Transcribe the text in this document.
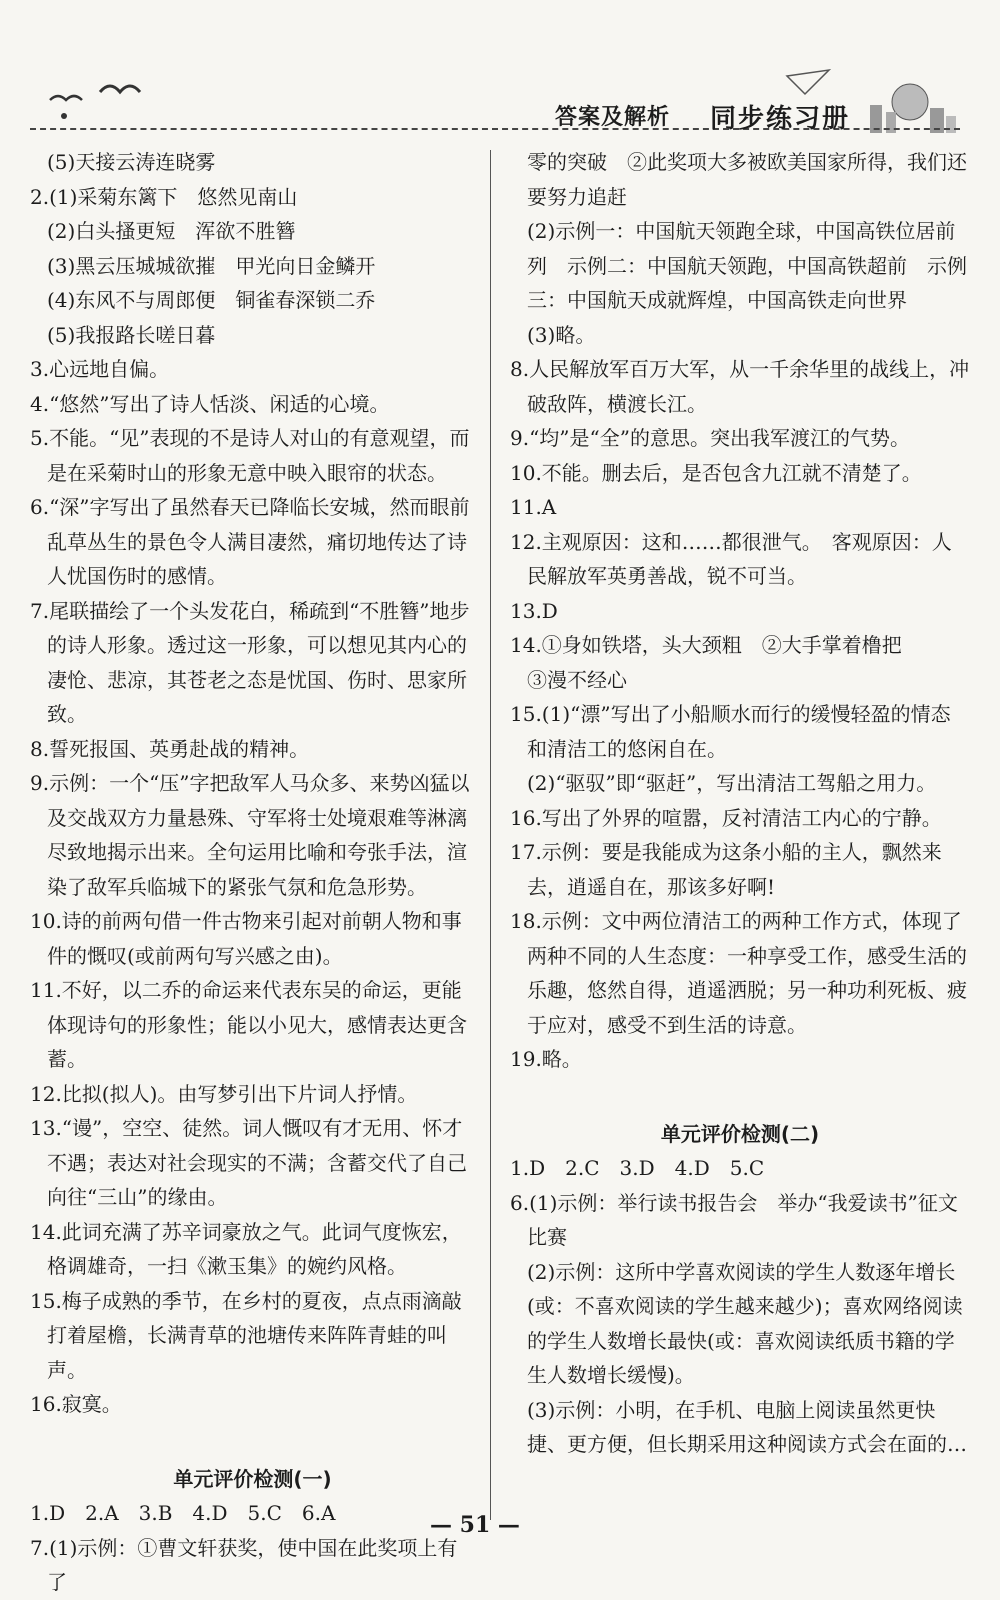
答案及解析 同步练习册
(5)天接云涛连晓雾
2.(1)采菊东篱下　悠然见南山
(2)白头搔更短　浑欲不胜簪
(3)黑云压城城欲摧　甲光向日金鳞开
(4)东风不与周郎便　铜雀春深锁二乔
(5)我报路长嗟日暮
3.心远地自偏。
4.“悠然”写出了诗人恬淡、闲适的心境。
5.不能。“见”表现的不是诗人对山的有意观望，而是在采菊时山的形象无意中映入眼帘的状态。
6.“深”字写出了虽然春天已降临长安城，然而眼前乱草丛生的景色令人满目凄然，痛切地传达了诗人忧国伤时的感情。
7.尾联描绘了一个头发花白，稀疏到“不胜簪”地步的诗人形象。透过这一形象，可以想见其内心的凄怆、悲凉，其苍老之态是忧国、伤时、思家所致。
8.誓死报国、英勇赴战的精神。
9.示例：一个“压”字把敌军人马众多、来势凶猛以及交战双方力量悬殊、守军将士处境艰难等淋漓尽致地揭示出来。全句运用比喻和夸张手法，渲染了敌军兵临城下的紧张气氛和危急形势。
10.诗的前两句借一件古物来引起对前朝人物和事件的慨叹(或前两句写兴感之由)。
11.不好，以二乔的命运来代表东吴的命运，更能体现诗句的形象性；能以小见大，感情表达更含蓄。
12.比拟(拟人)。由写梦引出下片词人抒情。
13.“谩”，空空、徒然。词人慨叹有才无用、怀才不遇；表达对社会现实的不满；含蓄交代了自己向往“三山”的缘由。
14.此词充满了苏辛词豪放之气。此词气度恢宏，格调雄奇，一扫《漱玉集》的婉约风格。
15.梅子成熟的季节，在乡村的夏夜，点点雨滴敲打着屋檐，长满青草的池塘传来阵阵青蛙的叫声。
16.寂寞。
单元评价检测(一)
1.D　2.A　3.B　4.D　5.C　6.A
7.(1)示例：①曹文轩获奖，使中国在此奖项上有了
零的突破　②此奖项大多被欧美国家所得，我们还要努力追赶
(2)示例一：中国航天领跑全球，中国高铁位居前列　示例二：中国航天领跑，中国高铁超前　示例三：中国航天成就辉煌，中国高铁走向世界
(3)略。
8.人民解放军百万大军，从一千余华里的战线上，冲破敌阵，横渡长江。
9.“均”是“全”的意思。突出我军渡江的气势。
10.不能。删去后，是否包含九江就不清楚了。
11.A
12.主观原因：这和……都很泄气。　客观原因：人民解放军英勇善战，锐不可当。
13.D
14.①身如铁塔，头大颈粗　②大手掌着橹把
③漫不经心
15.(1)“漂”写出了小船顺水而行的缓慢轻盈的情态和清洁工的悠闲自在。
(2)“驱驭”即“驱赶”，写出清洁工驾船之用力。
16.写出了外界的喧嚣，反衬清洁工内心的宁静。
17.示例：要是我能成为这条小船的主人，飘然来去，逍遥自在，那该多好啊!
18.示例：文中两位清洁工的两种工作方式，体现了两种不同的人生态度：一种享受工作，感受生活的乐趣，悠然自得，逍遥洒脱；另一种功利死板、疲于应对，感受不到生活的诗意。
19.略。
单元评价检测(二)
1.D　2.C　3.D　4.D　5.C
6.(1)示例：举行读书报告会　举办“我爱读书”征文比赛
(2)示例：这所中学喜欢阅读的学生人数逐年增长(或：不喜欢阅读的学生越来越少)；喜欢网络阅读的学生人数增长最快(或：喜欢阅读纸质书籍的学生人数增长缓慢)。
(3)示例：小明，在手机、电脑上阅读虽然更快捷、更方便，但长期采用这种阅读方式会在面的…
— 51 —
